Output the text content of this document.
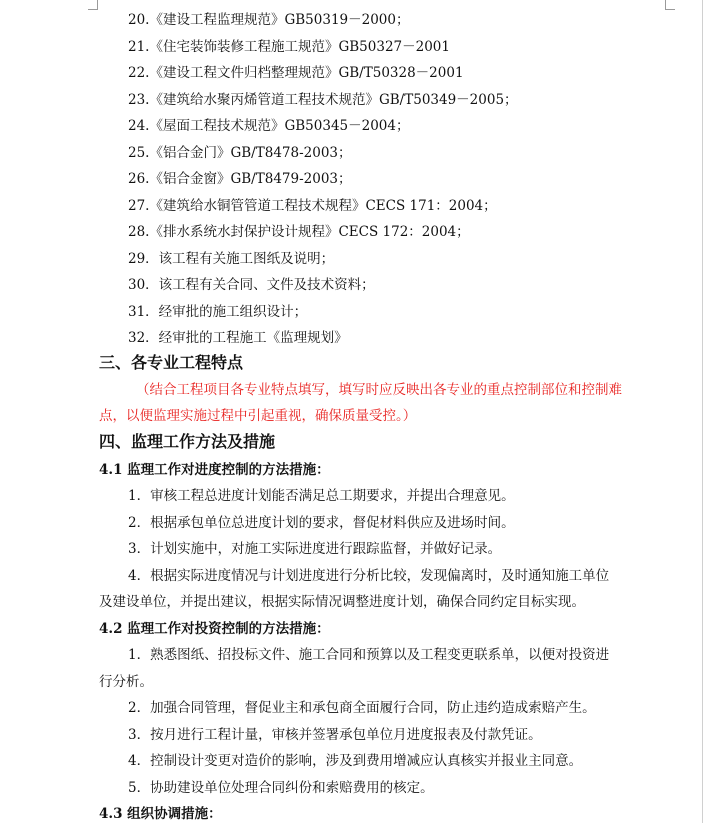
20.《建设工程监理规范》GB50319－2000；
21.《住宅装饰装修工程施工规范》GB50327－2001
22.《建设工程文件归档整理规范》GB/T50328－2001
23.《建筑给水聚丙烯管道工程技术规范》GB/T50349－2005；
24.《屋面工程技术规范》GB50345－2004；
25.《铝合金门》GB/T8478-2003；
26.《铝合金窗》GB/T8479-2003；
27.《建筑给水铜管管道工程技术规程》CECS 171：2004；
28.《排水系统水封保护设计规程》CECS 172：2004；
29．该工程有关施工图纸及说明；
30．该工程有关合同、文件及技术资料；
31．经审批的施工组织设计；
32．经审批的工程施工《监理规划》
三、各专业工程特点
（结合工程项目各专业特点填写，填写时应反映出各专业的重点控制部位和控制难
点，以便监理实施过程中引起重视，确保质量受控。）
四、监理工作方法及措施
4.1 监理工作对进度控制的方法措施：
1．审核工程总进度计划能否满足总工期要求，并提出合理意见。
2．根据承包单位总进度计划的要求，督促材料供应及进场时间。
3．计划实施中，对施工实际进度进行跟踪监督，并做好记录。
4．根据实际进度情况与计划进度进行分析比较，发现偏离时，及时通知施工单位
及建设单位，并提出建议，根据实际情况调整进度计划，确保合同约定目标实现。
4.2 监理工作对投资控制的方法措施：
1．熟悉图纸、招投标文件、施工合同和预算以及工程变更联系单，以便对投资进
行分析。
2．加强合同管理，督促业主和承包商全面履行合同，防止违约造成索赔产生。
3．按月进行工程计量，审核并签署承包单位月进度报表及付款凭证。
4．控制设计变更对造价的影响，涉及到费用增减应认真核实并报业主同意。
5．协助建设单位处理合同纠份和索赔费用的核定。
4.3 组织协调措施：
